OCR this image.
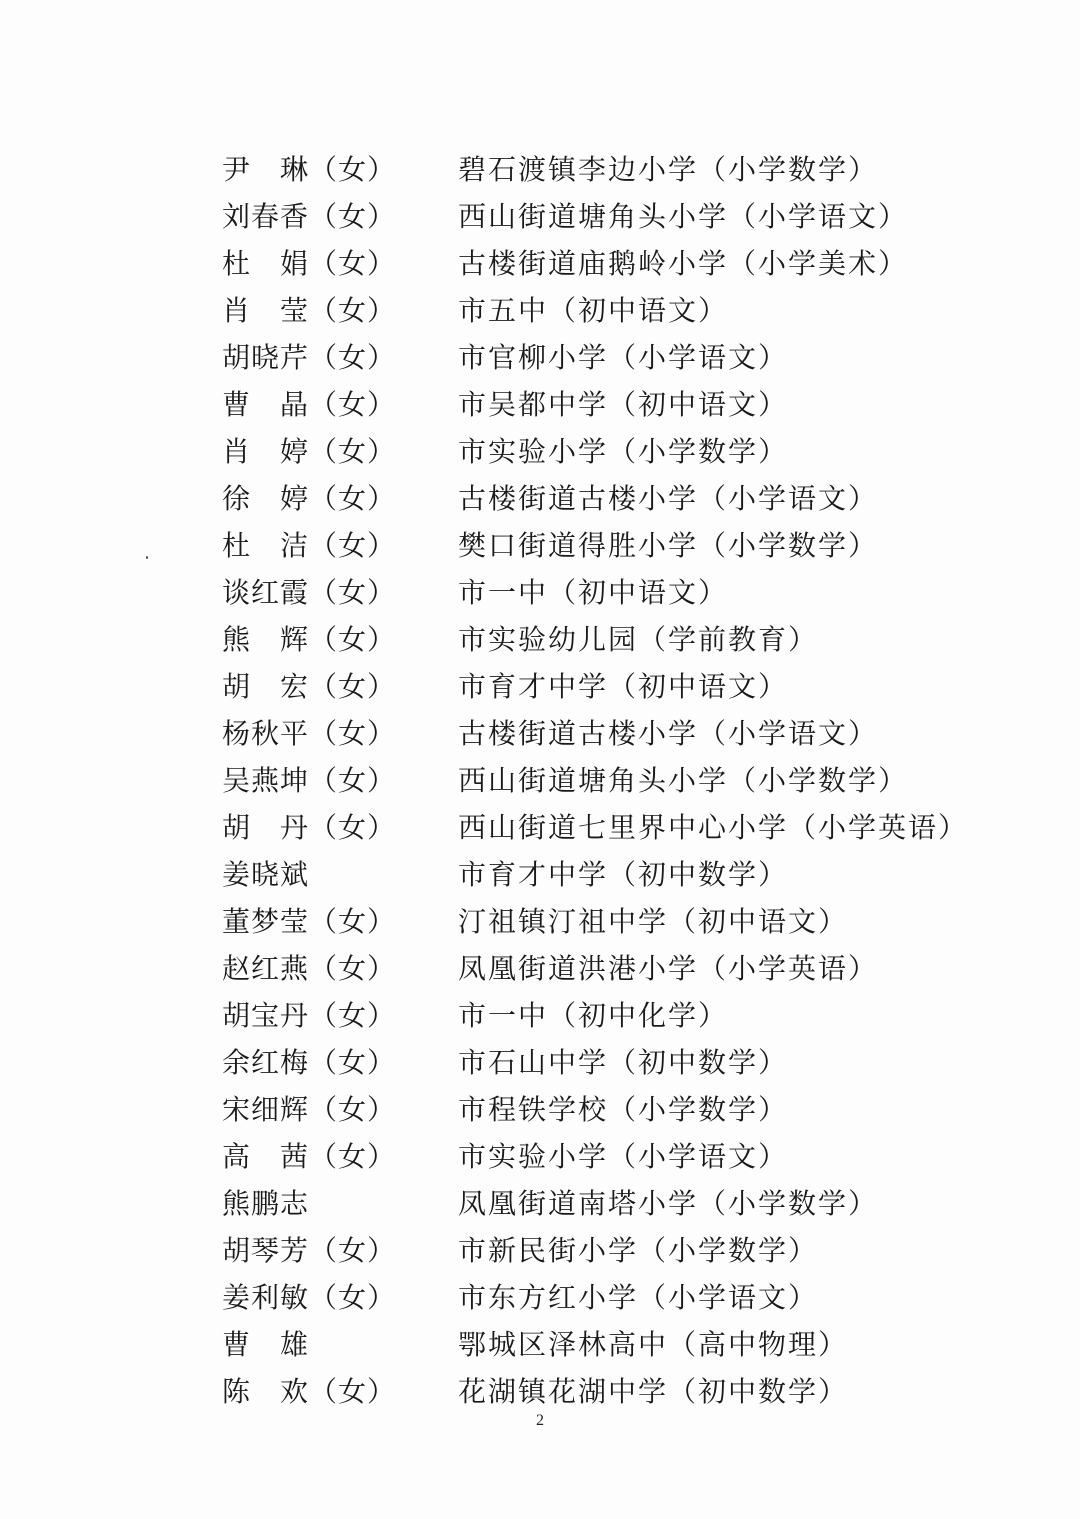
尹　琳（女）	碧石渡镇李边小学（小学数学）
刘春香（女）	西山街道塘角头小学（小学语文）
杜　娟（女）	古楼街道庙鹅岭小学（小学美术）
肖　莹（女）	市五中（初中语文）
胡晓芹（女）	市官柳小学（小学语文）
曹　晶（女）	市吴都中学（初中语文）
肖　婷（女）	市实验小学（小学数学）
徐　婷（女）	古楼街道古楼小学（小学语文）
杜　洁（女）	樊口街道得胜小学（小学数学）
谈红霞（女）	市一中（初中语文）
熊　辉（女）	市实验幼儿园（学前教育）
胡　宏（女）	市育才中学（初中语文）
杨秋平（女）	古楼街道古楼小学（小学语文）
吴燕坤（女）	西山街道塘角头小学（小学数学）
胡　丹（女）	西山街道七里界中心小学（小学英语）
姜晓斌	市育才中学（初中数学）
董梦莹（女）	汀祖镇汀祖中学（初中语文）
赵红燕（女）	凤凰街道洪港小学（小学英语）
胡宝丹（女）	市一中（初中化学）
余红梅（女）	市石山中学（初中数学）
宋细辉（女）	市程铁学校（小学数学）
高　茜（女）	市实验小学（小学语文）
熊鹏志	凤凰街道南塔小学（小学数学）
胡琴芳（女）	市新民街小学（小学数学）
姜利敏（女）	市东方红小学（小学语文）
曹　雄	鄂城区泽林高中（高中物理）
陈　欢（女）	花湖镇花湖中学（初中数学）
2
